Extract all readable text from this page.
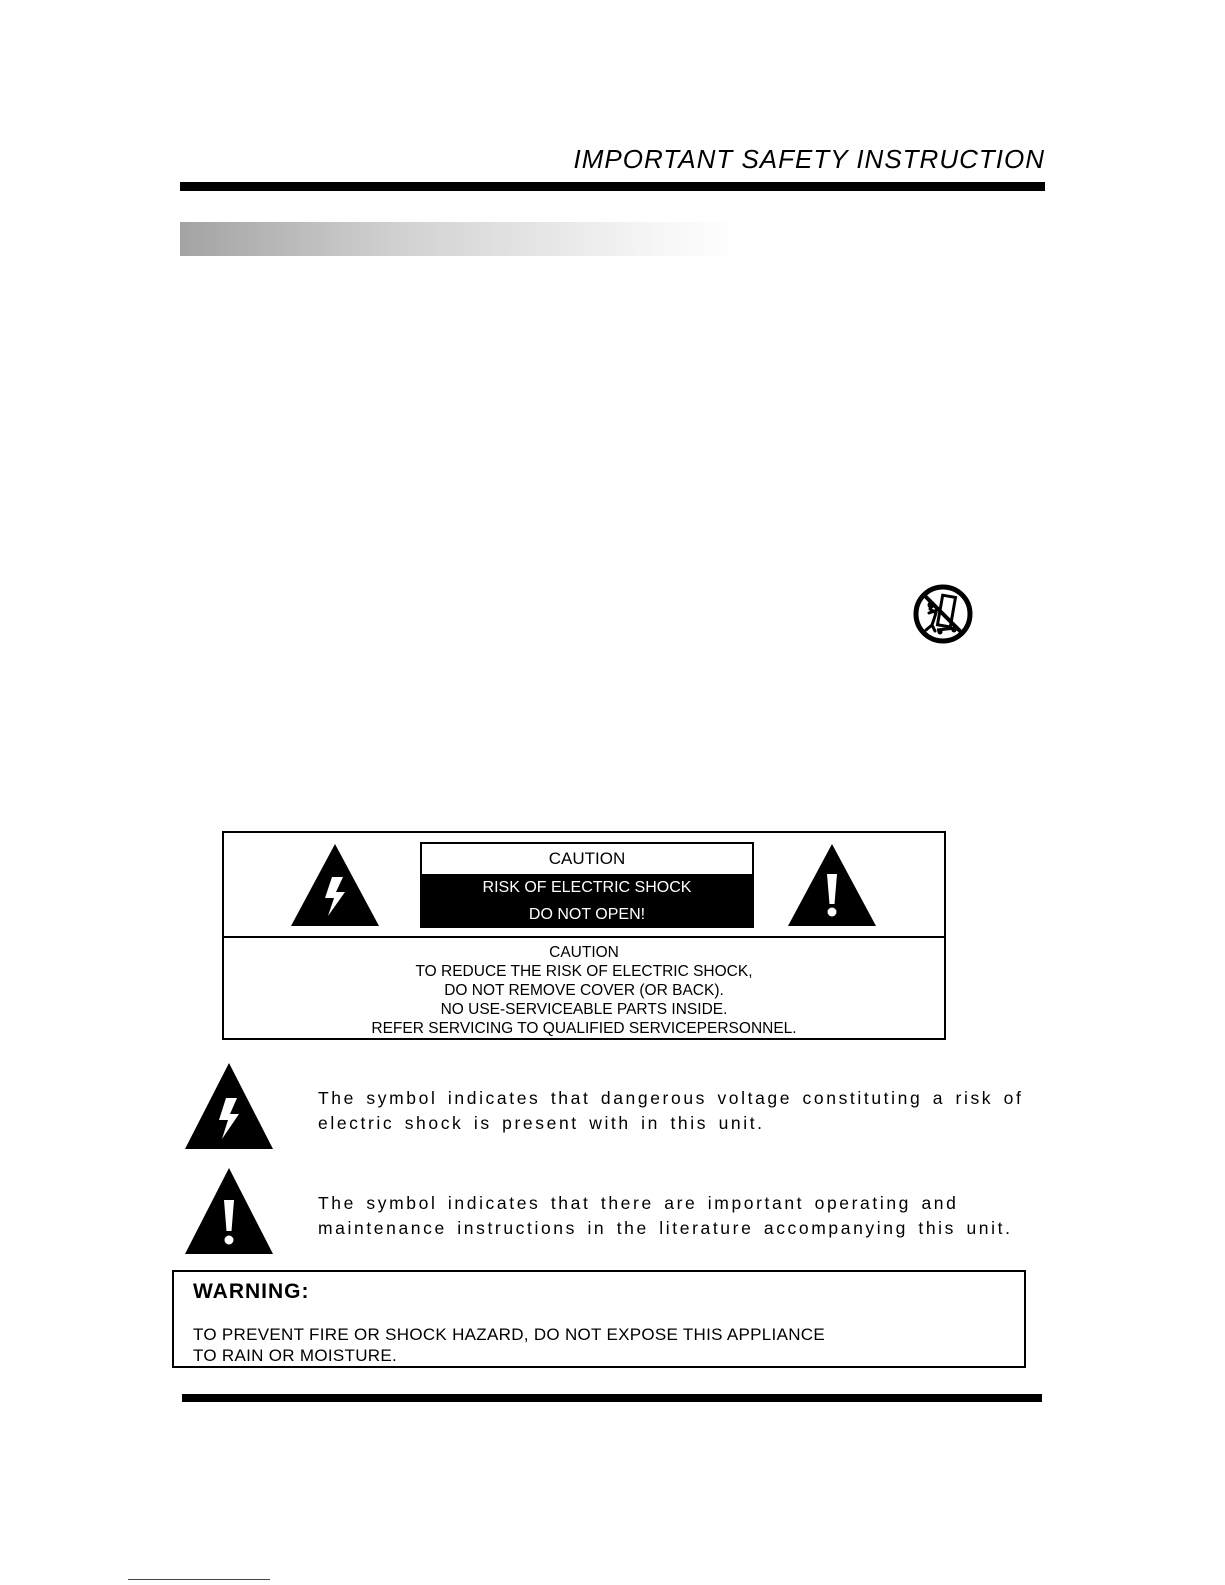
IMPORTANT SAFETY INSTRUCTION
CAUTION
RISK OF ELECTRIC SHOCK
DO NOT OPEN!
CAUTION
TO REDUCE THE RISK OF ELECTRIC SHOCK,
DO NOT REMOVE COVER (OR BACK).
NO USE-SERVICEABLE PARTS INSIDE.
REFER SERVICING TO QUALIFIED SERVICEPERSONNEL.
The symbol indicates that dangerous voltage constituting a risk of
electric shock is present with in this unit.
The symbol indicates that there are important operating and
maintenance instructions in the literature accompanying this unit.
WARNING:
TO PREVENT FIRE OR SHOCK HAZARD, DO NOT EXPOSE THIS APPLIANCE
TO RAIN OR MOISTURE.
